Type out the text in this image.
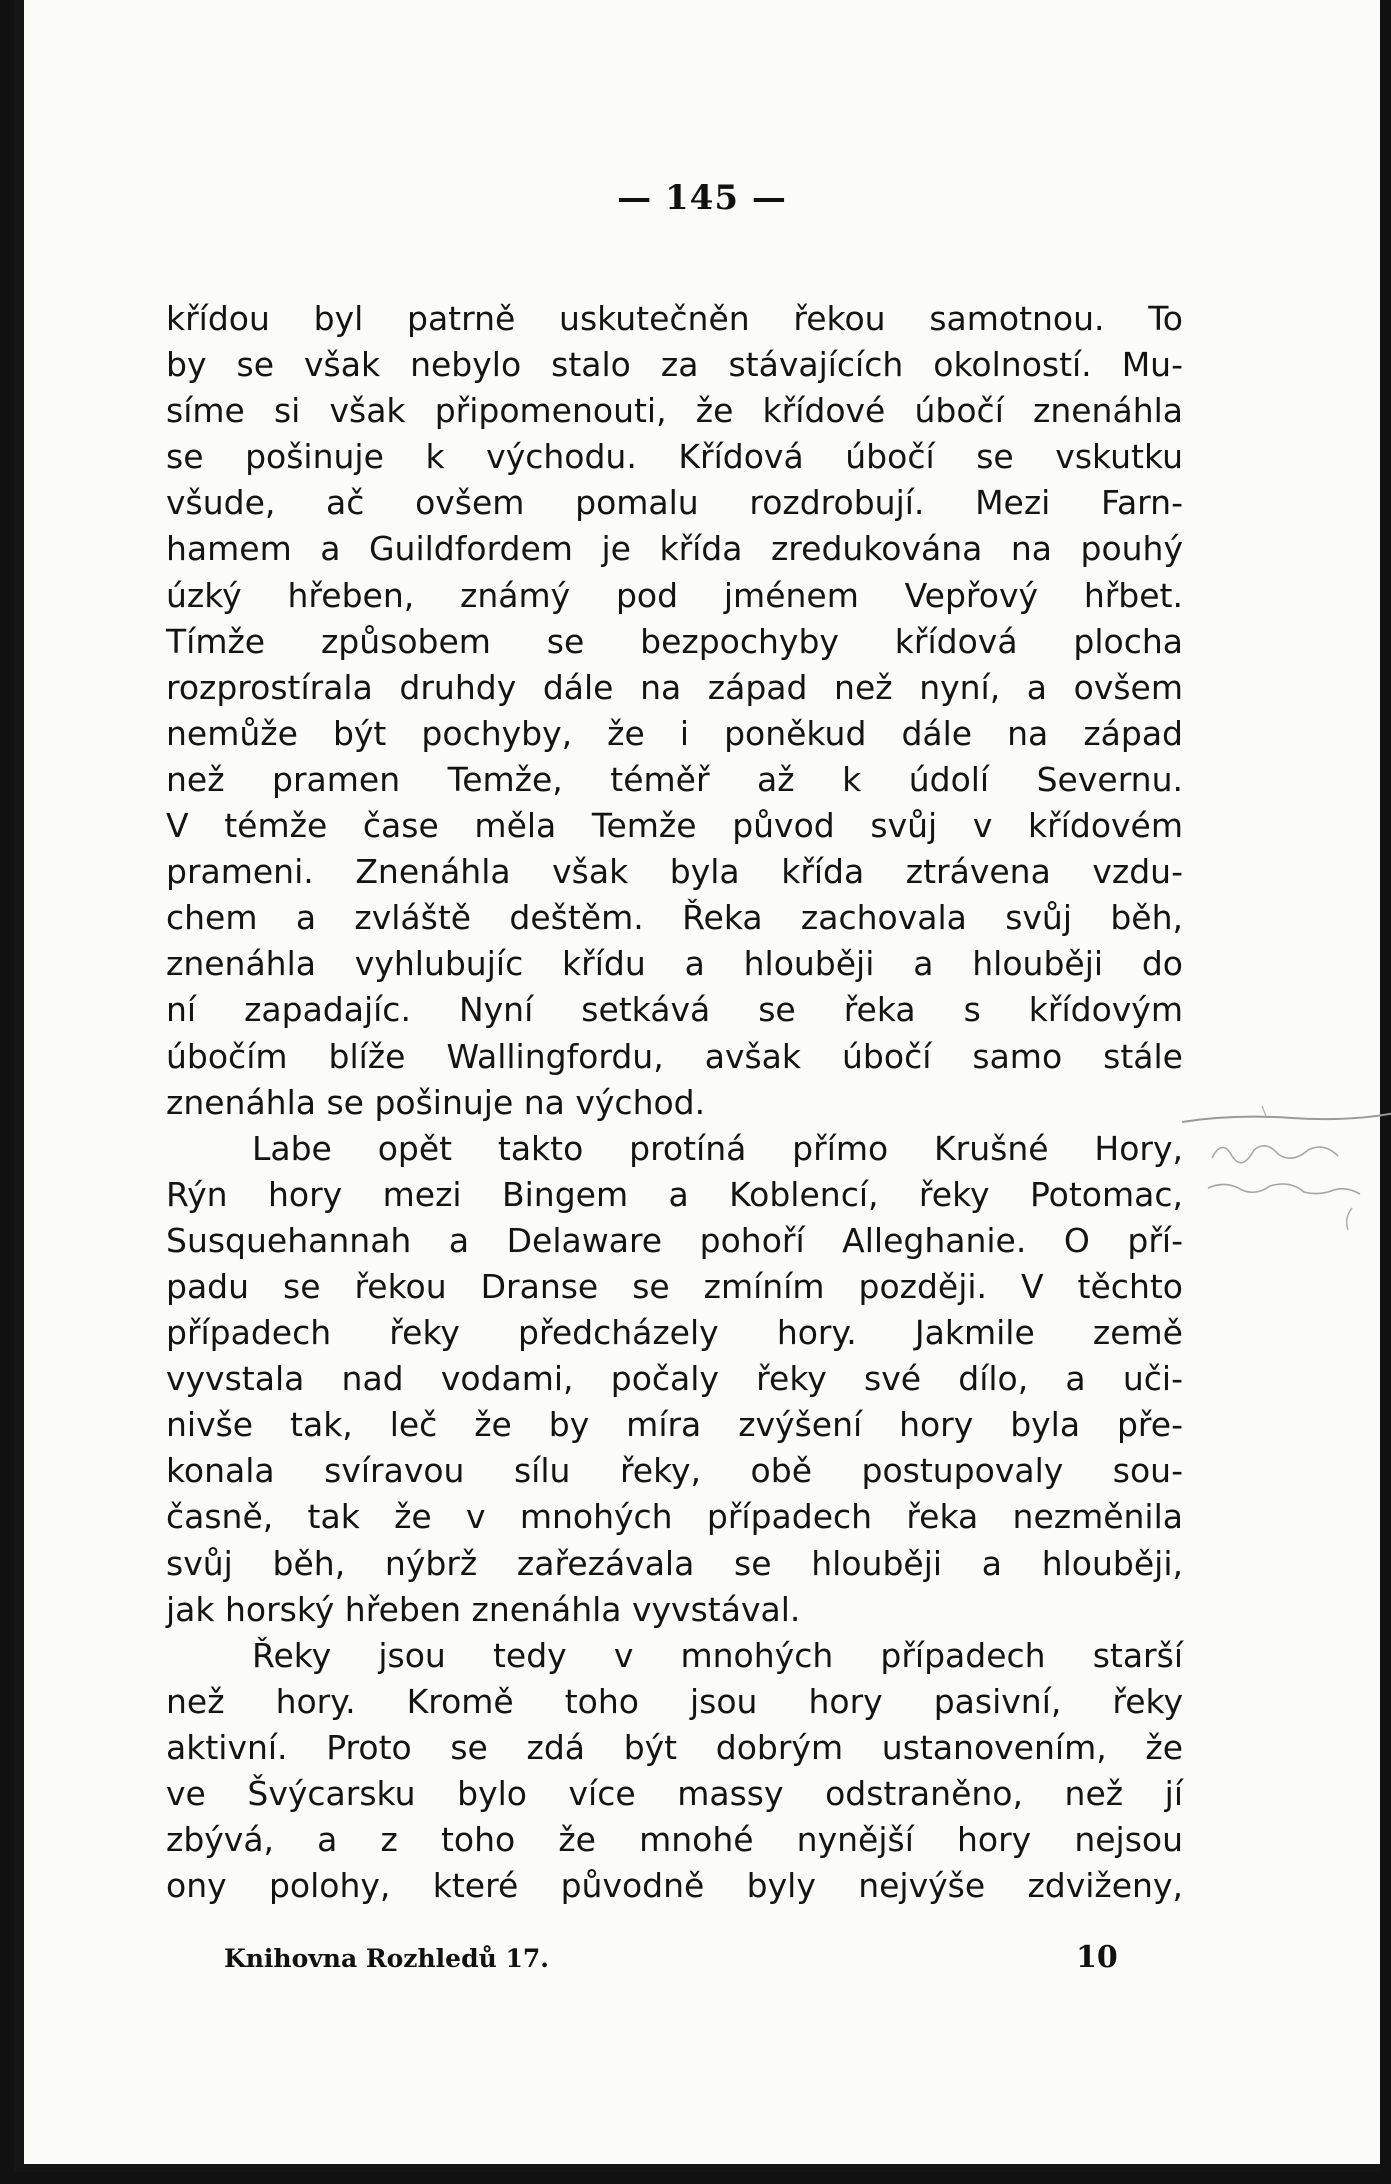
— 145 —
křídou byl patrně uskutečněn řekou samotnou. To
by se však nebylo stalo za stávajících okolností. Mu-
síme si však připomenouti, že křídové úbočí znenáhla
se pošinuje k východu. Křídová úbočí se vskutku
všude, ač ovšem pomalu rozdrobují. Mezi Farn-
hamem a Guildfordem je křída zredukována na pouhý
úzký hřeben, známý pod jménem Vepřový hřbet.
Tímže způsobem se bezpochyby křídová plocha
rozprostírala druhdy dále na západ než nyní, a ovšem
nemůže být pochyby, že i poněkud dále na západ
než pramen Temže, téměř až k údolí Severnu.
V témže čase měla Temže původ svůj v křídovém
prameni. Znenáhla však byla křída ztrávena vzdu-
chem a zvláště deštěm. Řeka zachovala svůj běh,
znenáhla vyhlubujíc křídu a hlouběji a hlouběji do
ní zapadajíc. Nyní setkává se řeka s křídovým
úbočím blíže Wallingfordu, avšak úbočí samo stále
znenáhla se pošinuje na východ.
Labe opět takto protíná přímo Krušné Hory,
Rýn hory mezi Bingem a Koblencí, řeky Potomac,
Susquehannah a Delaware pohoří Alleghanie. O pří-
padu se řekou Dranse se zmíním později. V těchto
případech řeky předcházely hory. Jakmile země
vyvstala nad vodami, počaly řeky své dílo, a uči-
nivše tak, leč že by míra zvýšení hory byla pře-
konala svíravou sílu řeky, obě postupovaly sou-
časně, tak že v mnohých případech řeka nezměnila
svůj běh, nýbrž zařezávala se hlouběji a hlouběji,
jak horský hřeben znenáhla vyvstával.
Řeky jsou tedy v mnohých případech starší
než hory. Kromě toho jsou hory pasivní, řeky
aktivní. Proto se zdá být dobrým ustanovením, že
ve Švýcarsku bylo více massy odstraněno, než jí
zbývá, a z toho že mnohé nynější hory nejsou
ony polohy, které původně byly nejvýše zdviženy,
Knihovna Rozhledů 17.	10
